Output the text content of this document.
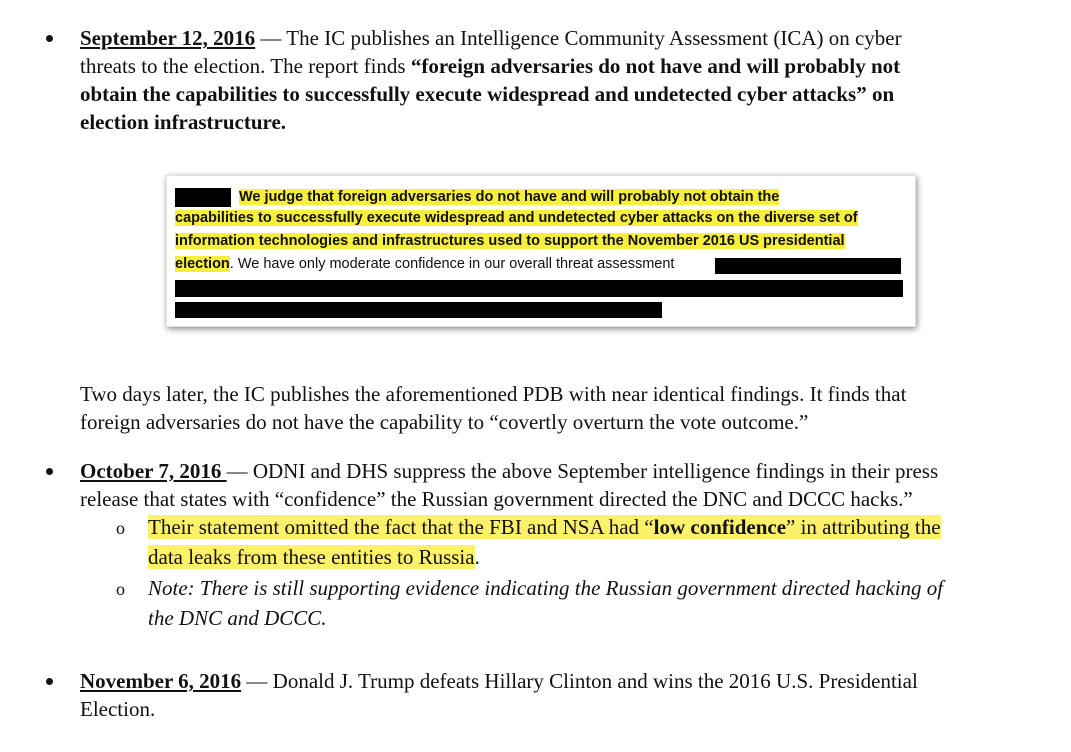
September 12, 2016 — The IC publishes an Intelligence Community Assessment (ICA) on cyber
threats to the election. The report finds “foreign adversaries do not have and will probably not
obtain the capabilities to successfully execute widespread and undetected cyber attacks” on
election infrastructure.
We judge that foreign adversaries do not have and will probably not obtain the
capabilities to successfully execute widespread and undetected cyber attacks on the diverse set of
information technologies and infrastructures used to support the November 2016 US presidential
election. We have only moderate confidence in our overall threat assessment
Two days later, the IC publishes the aforementioned PDB with near identical findings. It finds that
foreign adversaries do not have the capability to “covertly overturn the vote outcome.”
October 7, 2016 — ODNI and DHS suppress the above September intelligence findings in their press
release that states with “confidence” the Russian government directed the DNC and DCCC hacks.”
o Their statement omitted the fact that the FBI and NSA had “low confidence” in attributing the
data leaks from these entities to Russia.
o Note: There is still supporting evidence indicating the Russian government directed hacking of
the DNC and DCCC.
November 6, 2016 — Donald J. Trump defeats Hillary Clinton and wins the 2016 U.S. Presidential
Election.
